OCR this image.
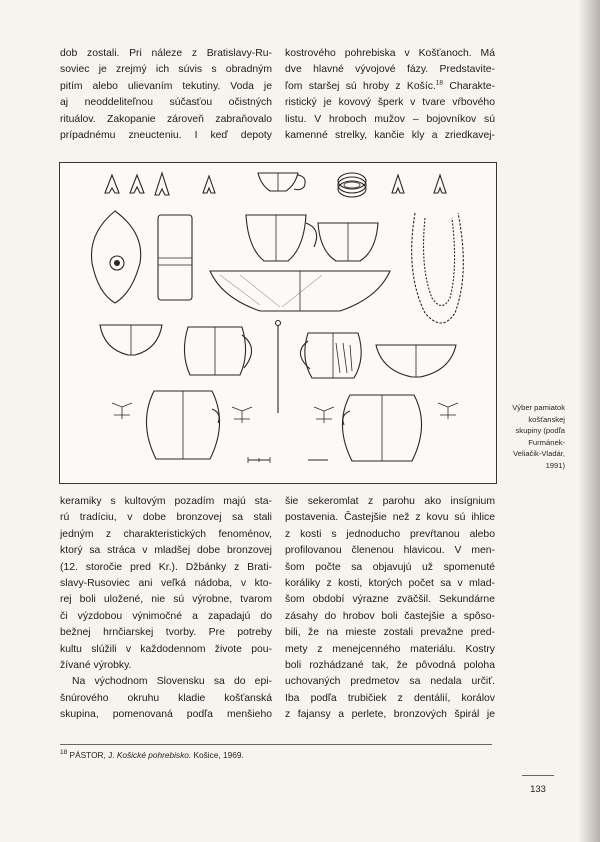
dob zostali. Pri náleze z Bratislavy-Ru-
soviec je zrejmý ich súvis s obradným
pitím alebo ulievaním tekutiny. Voda je
aj neoddeliteľnou súčasťou očistných
rituálov. Zakopanie zároveň zabraňovalo
prípadnému zneucteniu. I keď depoty
kostrového pohrebiska v Košťanoch. Má
dve hlavné vývojové fázy. Predstavite-
ľom staršej sú hroby z Košíc.$^{18}$ Charakte-
ristický je kovový šperk v tvare vŕbového
listu. V hroboch mužov – bojovníkov sú
kamenné strelky, kančie kly a zriedkavej-
Výber pamiatok
košťanskej
skupiny (podľa
Furmánek-
Veliačik-Vladár,
1991)
keramiky s kultovým pozadím majú sta-
rú tradíciu, v dobe bronzovej sa stali
jedným z charakteristických fenoménov,
ktorý sa stráca v mladšej dobe bronzovej
(12. storočie pred Kr.). Džbánky z Brati-
slavy-Rusoviec ani veľká nádoba, v kto-
rej boli uložené, nie sú výrobne, tvarom
či výzdobou výnimočné a zapadajú do
bežnej hrnčiarskej tvorby. Pre potreby
kultu slúžili v každodennom živote pou-
žívané výrobky.
Na východnom Slovensku sa do epi-
šnúrového okruhu kladie košťanská
skupina, pomenovaná podľa menšieho
šie sekeromlat z parohu ako insígnium
postavenia. Častejšie než z kovu sú ihlice
z kosti s jednoducho prevŕtanou alebo
profilovanou členenou hlavicou. V men-
šom počte sa objavujú už spomenuté
koráliky z kosti, ktorých počet sa v mlad-
šom období výrazne zväčšil. Sekundárne
zásahy do hrobov boli častejšie a spôso-
bili, že na mieste zostali prevažne pred-
mety z menejcenného materiálu. Kostry
boli rozhádzané tak, že pôvodná poloha
uchovaných predmetov sa nedala určiť.
Iba podľa trubičiek z dentálií, korálov
z fajansy a perlete, bronzových špirál je
$^{18}$ PÁSTOR, J. Košické pohrebisko. Košice, 1969.
133
